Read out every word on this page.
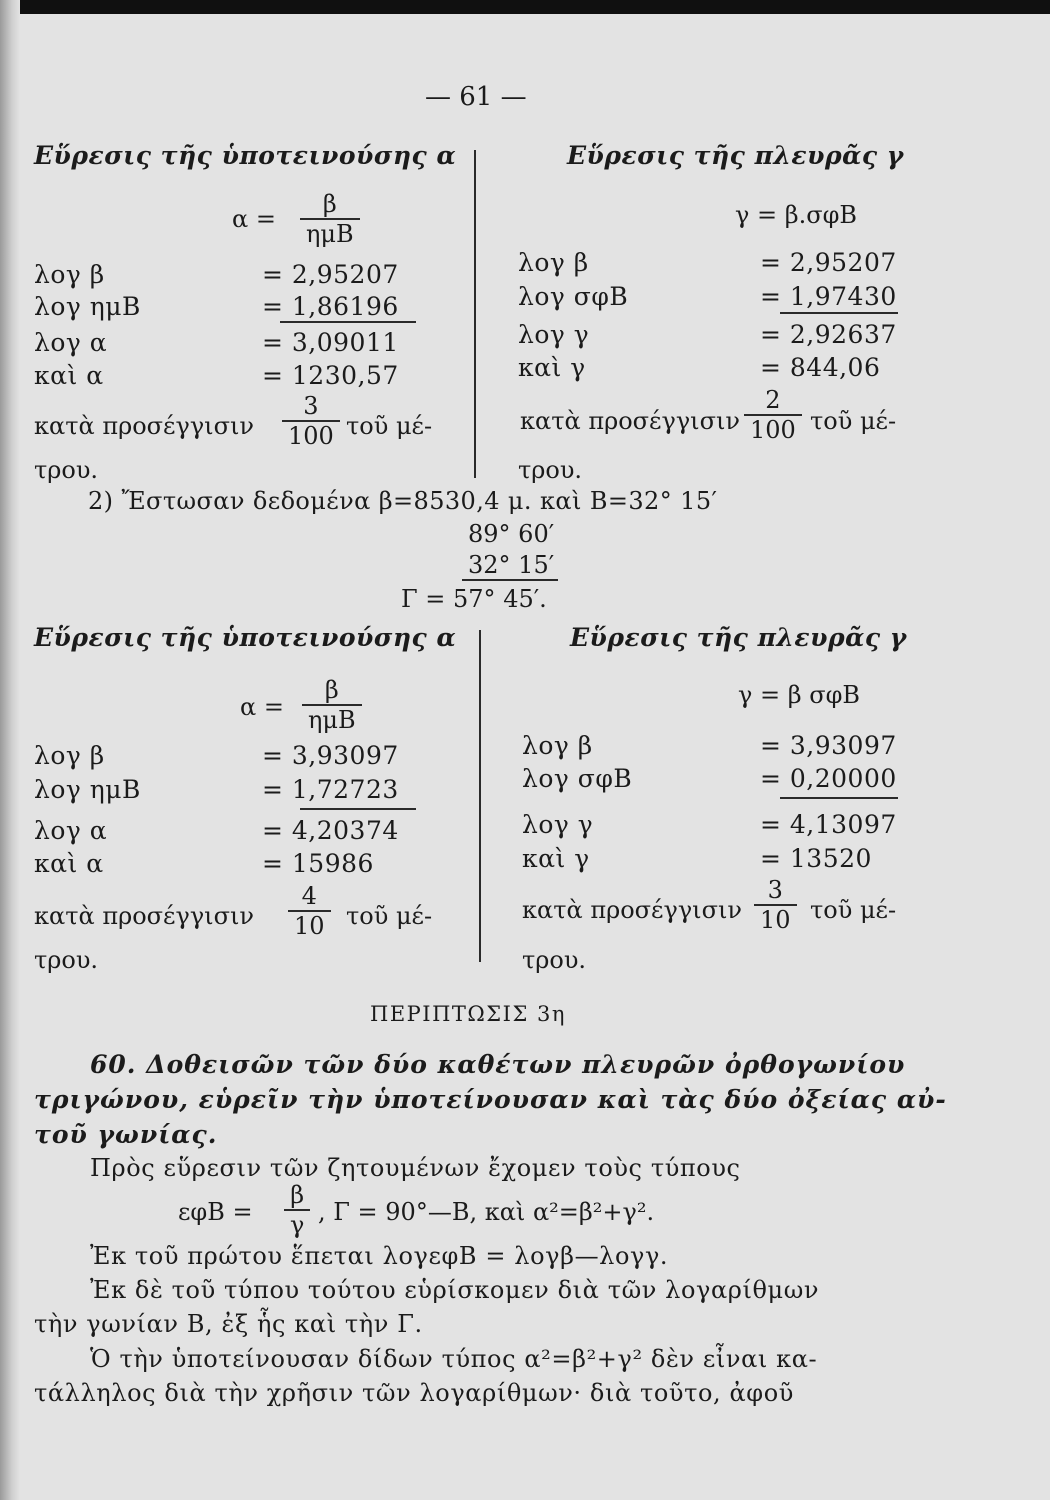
— 61 —
Εὕρεσις τῆς ὑποτεινούσης α	Εὕρεσις τῆς πλευρᾶς γ
α =
β
ημΒ
λογ β	= 2,95207
λογ ημΒ	= 1,86196
λογ α	= 3,09011
καὶ α	= 1230,57
κατὰ προσέγγισιν $\frac{3}{100}$ τοῦ μέ-
τρου.
γ = β.σφΒ
λογ β	= 2,95207
λογ σφΒ	= 1,97430
λογ γ	= 2,92637
καὶ γ	= 844,06
κατὰ προσέγγισιν $\frac{2}{100}$ τοῦ μέ-
τρου.
2) Ἔστωσαν δεδομένα β=8530,4 μ. καὶ Β=32° 15′
89° 60′
32° 15′
Γ = 57° 45′.
Εὕρεσις τῆς ὑποτεινούσης α	Εὕρεσις τῆς πλευρᾶς γ
α =
β
ημΒ
λογ β	= 3,93097
λογ ημΒ	= 1,72723
λογ α	= 4,20374
καὶ α	= 15986
κατὰ προσέγγισιν $\frac{4}{10}$ τοῦ μέ-
τρου.
γ = β σφΒ
λογ β	= 3,93097
λογ σφΒ	= 0,20000
λογ γ	= 4,13097
καὶ γ	= 13520
κατὰ προσέγγισιν $\frac{3}{10}$ τοῦ μέ-
τρου.
ΠΕΡΙΠΤΩΣΙΣ 3η
60. Δοθεισῶν τῶν δύο καθέτων πλευρῶν ὀρθογωνίου
τριγώνου, εὑρεῖν τὴν ὑποτείνουσαν καὶ τὰς δύο ὀξείας αὐ-
τοῦ γωνίας.
Πρὸς εὕρεσιν τῶν ζητουμένων ἔχομεν τοὺς τύπους
$\varepsilon\varphi B = \frac{\beta}{\gamma}$ , Γ = 90°—Β, καὶ α²=β²+γ².
Ἐκ τοῦ πρώτου ἕπεται λογεφΒ = λογβ—λογγ.
Ἐκ δὲ τοῦ τύπου τούτου εὑρίσκομεν διὰ τῶν λογαρίθμων
τὴν γωνίαν Β, ἐξ ἧς καὶ τὴν Γ.
Ὁ τὴν ὑποτείνουσαν δίδων τύπος α²=β²+γ² δὲν εἶναι κα-
τάλληλος διὰ τὴν χρῆσιν τῶν λογαρίθμων· διὰ τοῦτο, ἀφοῦ
